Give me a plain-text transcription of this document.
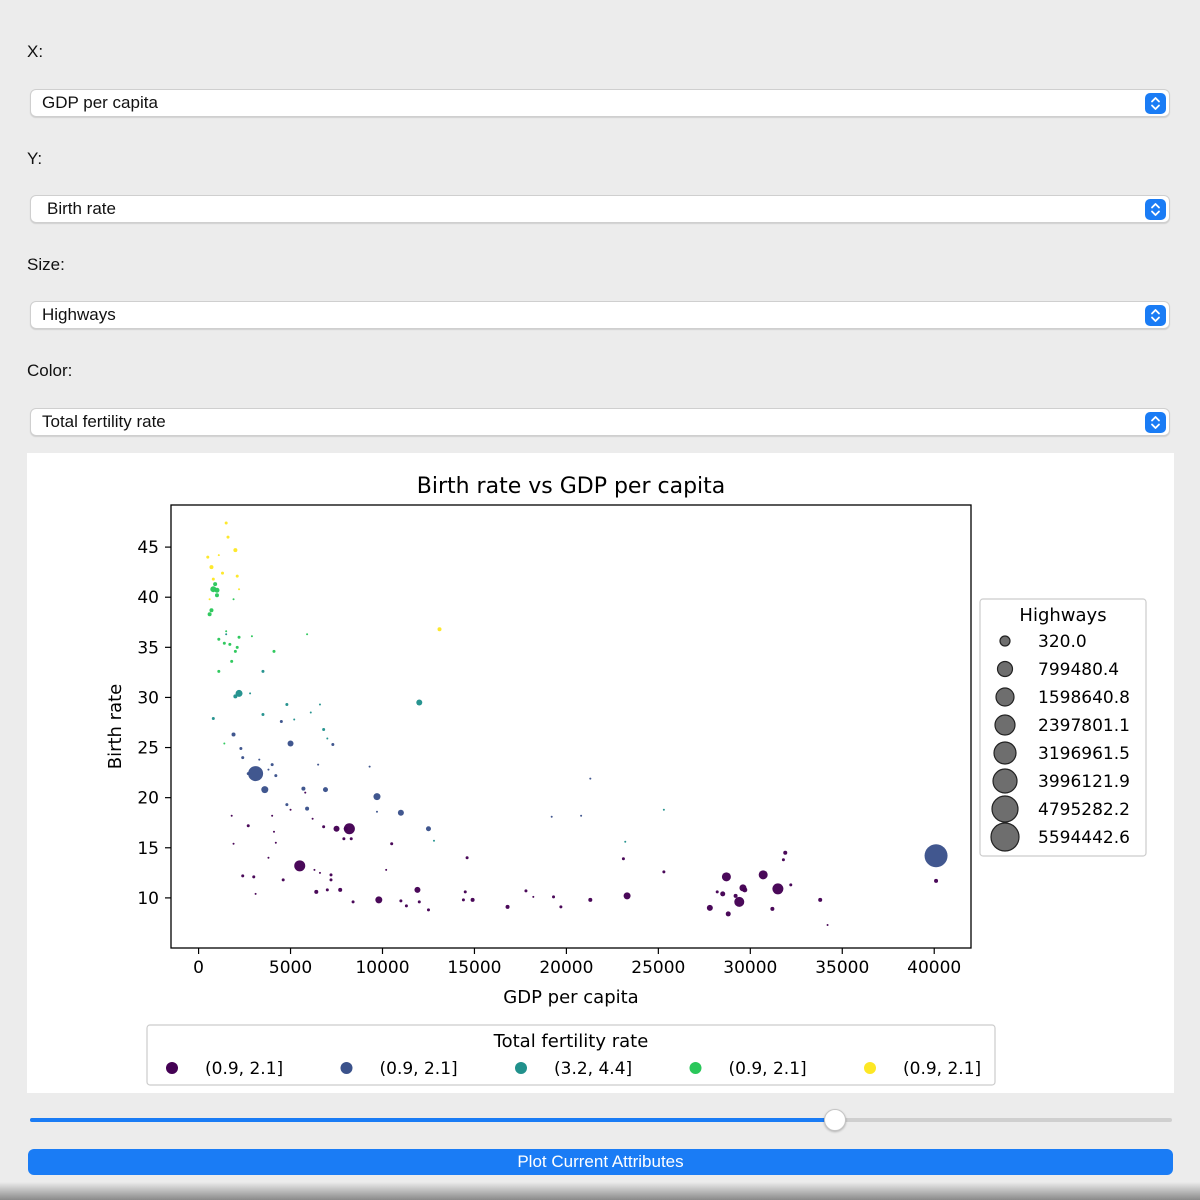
X:
GDP per capita
Y:
Birth rate
Size:
Highways
Color:
Total fertility rate
Birth rate vs GDP per capita
0	5000	10000 15000 20000 25000 30000 35000 40000
10
15
20
25
30
35
40
45
GDP per capita
Birth rate
Highways
320.0
799480.4
1598640.8
2397801.1
3196961.5
3996121.9
4795282.2
5594442.6
Total fertility rate
(0.9, 2.1]	(0.9, 2.1]	(3.2, 4.4]	(0.9, 2.1]	(0.9, 2.1]
Plot Current Attributes
